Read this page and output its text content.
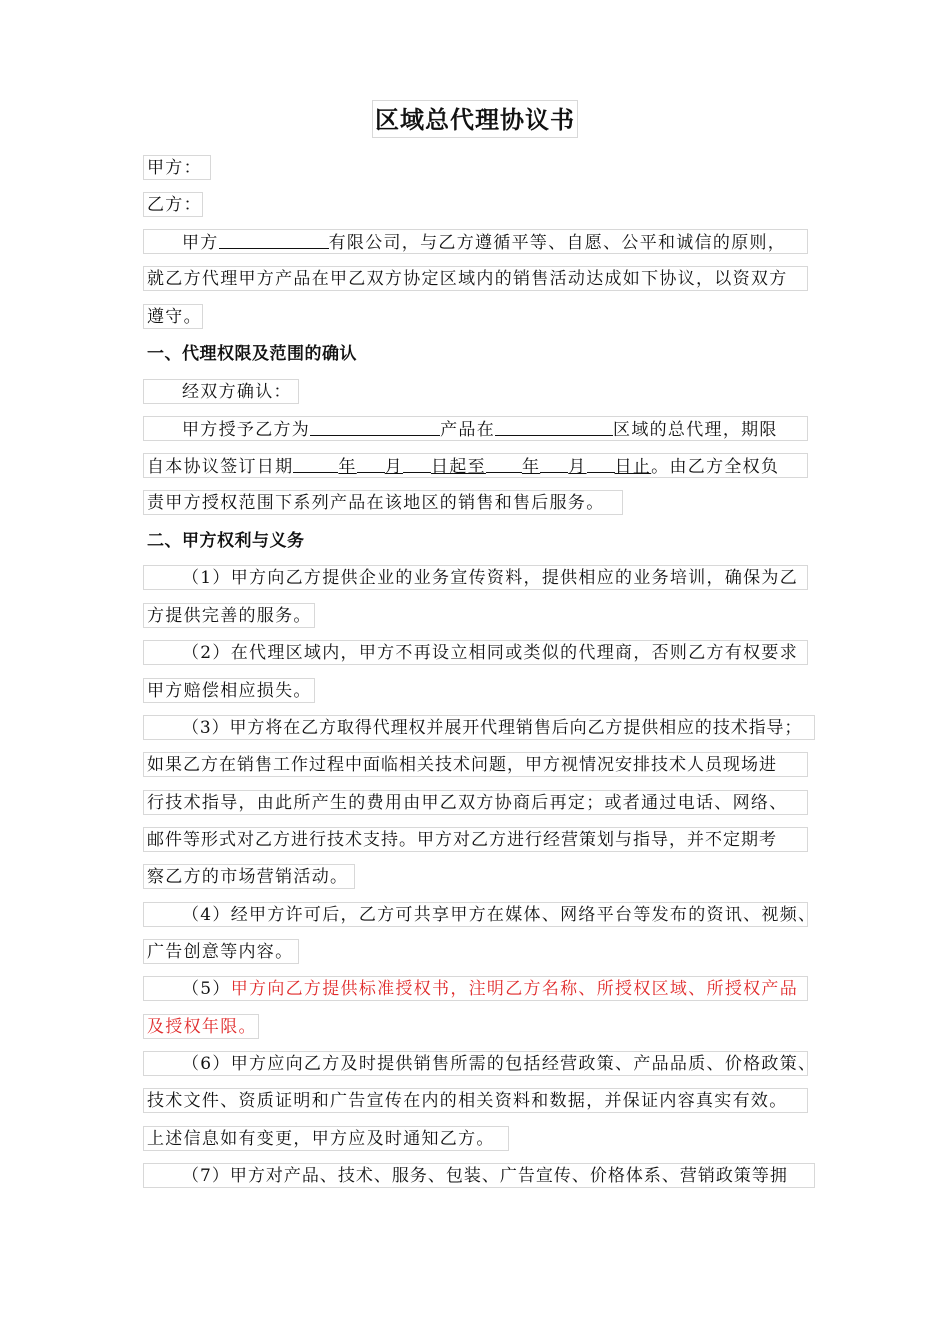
区域总代理协议书
甲方：
乙方：
甲方	有限公司，与乙方遵循平等、自愿、公平和诚信的原则，
就乙方代理甲方产品在甲乙双方协定区域内的销售活动达成如下协议，以资双方
遵守。
一、代理权限及范围的确认
经双方确认：
甲方授予乙方为	产品在	区域的总代理，期限
自本协议签订日期	年 月 日起至 年 月 日止。由乙方全权负
责甲方授权范围下系列产品在该地区的销售和售后服务。
二、甲方权利与义务
（1）甲方向乙方提供企业的业务宣传资料，提供相应的业务培训，确保为乙
方提供完善的服务。
（2）在代理区域内，甲方不再设立相同或类似的代理商，否则乙方有权要求
甲方赔偿相应损失。
（3）甲方将在乙方取得代理权并展开代理销售后向乙方提供相应的技术指导；
如果乙方在销售工作过程中面临相关技术问题，甲方视情况安排技术人员现场进
行技术指导，由此所产生的费用由甲乙双方协商后再定；或者通过电话、网络、
邮件等形式对乙方进行技术支持。甲方对乙方进行经营策划与指导，并不定期考
察乙方的市场营销活动。
（4）经甲方许可后，乙方可共享甲方在媒体、网络平台等发布的资讯、视频、
广告创意等内容。
（5）甲方向乙方提供标准授权书，注明乙方名称、所授权区域、所授权产品
及授权年限。
（6）甲方应向乙方及时提供销售所需的包括经营政策、产品品质、价格政策、
技术文件、资质证明和广告宣传在内的相关资料和数据，并保证内容真实有效。
上述信息如有变更，甲方应及时通知乙方。
（7）甲方对产品、技术、服务、包装、广告宣传、价格体系、营销政策等拥
